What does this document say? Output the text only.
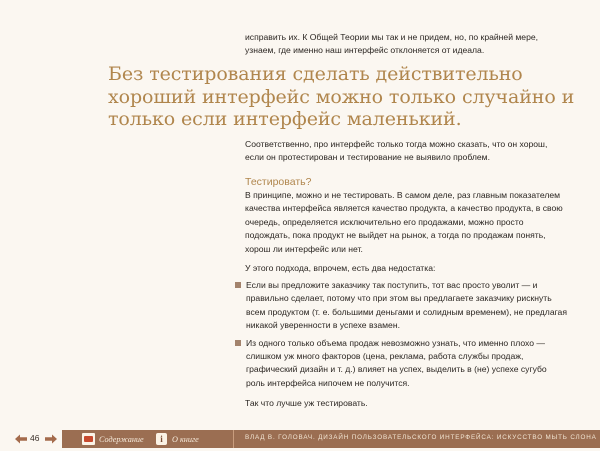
исправить их. К Общей Теории мы так и не придем, но, по крайней мере, узнаем, где именно наш интерфейс отклоняется от идеала.

Без тестирования сделать действительно хороший интерфейс можно только случайно и только если интерфейс маленький.

Соответственно, про интерфейс только тогда можно сказать, что он хорош, если он протестирован и тестирование не выявило проблем.

Тестировать?

В принципе, можно и не тестировать. В самом деле, раз главным показателем качества интерфейса является качество продукта, а качество продукта, в свою очередь, определяется исключительно его продажами, можно просто подождать, пока продукт не выйдет на рынок, а тогда по продажам понять, хорош ли интерфейс или нет.

У этого подхода, впрочем, есть два недостатка:

Если вы предложите заказчику так поступить, тот вас просто уволит — и правильно сделает, потому что при этом вы предлагаете заказчику рискнуть всем продуктом (т. е. большими деньгами и солидным временем), не предлагая никакой уверенности в успехе взамен.
Из одного только объема продаж невозможно узнать, что именно плохо — слишком уж много факторов (цена, реклама, работа службы продаж, графический дизайн и т. д.) влияет на успех, выделить в (не) успехе сугубо роль интерфейса нипочем не получится.

Так что лучше уж тестировать.

46	Содержание	i	О книге	ВЛАД В. ГОЛОВАЧ. ДИЗАЙН ПОЛЬЗОВАТЕЛЬСКОГО ИНТЕРФЕЙСА: ИСКУССТВО МЫТЬ СЛОНА
